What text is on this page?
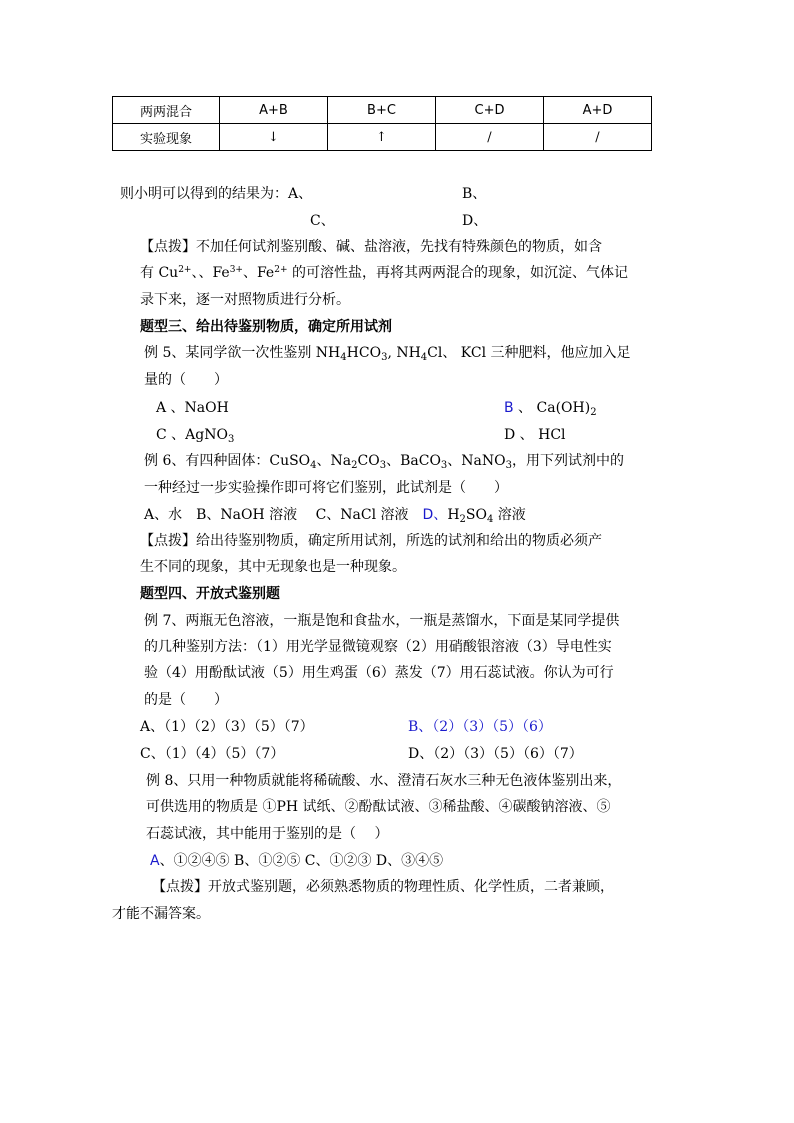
两两混合	A+B	B+C	C+D	A+D
实验现象	↓	↑	/	/
则小明可以得到的结果为：A、	B、
C、	D、
【点拨】不加任何试剂鉴别酸、碱、盐溶液，先找有特殊颜色的物质，如含
有 $Cu^{2+}$、、$Fe^{3+}$、$Fe^{2+}$ 的可溶性盐，再将其两两混合的现象，如沉淀、气体记
录下来，逐一对照物质进行分析。
题型三、给出待鉴别物质，确定所用试剂
例 5、某同学欲一次性鉴别 $NH_4HCO_3$, $NH_4Cl$、 KCl 三种肥料，他应加入足
量的（　　）
A 、NaOH	B 、 $Ca(OH)_2$
C 、AgNO$_3$	D 、 HCl
例 6、有四种固体：CuSO$_4$、$Na_2CO_3$、BaCO$_3$、NaNO$_3$，用下列试剂中的
一种经过一步实验操作即可将它们鉴别，此试剂是（　　）
A、水　B、NaOH 溶液　 C、NaCl 溶液　D、$H_2SO_4$ 溶液
【点拨】给出待鉴别物质，确定所用试剂，所选的试剂和给出的物质必须产
生不同的现象，其中无现象也是一种现象。
题型四、开放式鉴别题
例 7、两瓶无色溶液，一瓶是饱和食盐水，一瓶是蒸馏水，下面是某同学提供
的几种鉴别方法：（1）用光学显微镜观察（2）用硝酸银溶液（3）导电性实
验（4）用酚酞试液（5）用生鸡蛋（6）蒸发（7）用石蕊试液。你认为可行
的是（　　）
A、（1）（2）（3）（5）（7）	B、（2）（3）（5）（6）
C、（1）（4）（5）（7）	D、（2）（3）（5）（6）（7）
例 8、只用一种物质就能将稀硫酸、水、澄清石灰水三种无色液体鉴别出来，
可供选用的物质是 ①PH 试纸、②酚酞试液、③稀盐酸、④碳酸钠溶液、⑤
石蕊试液，其中能用于鉴别的是（　 ）
A、①②④⑤ B、①②⑤ C、①②③ D、③④⑤
【点拨】开放式鉴别题，必须熟悉物质的物理性质、化学性质，二者兼顾，
才能不漏答案。
